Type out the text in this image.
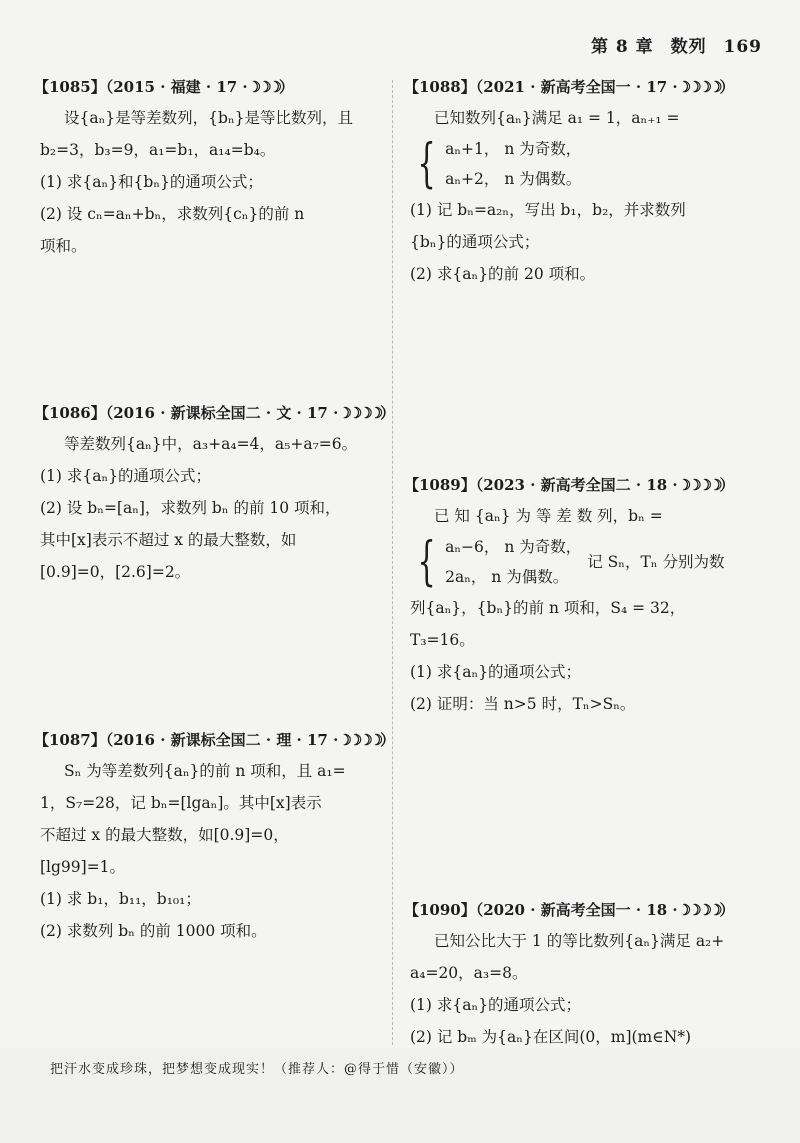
第 8 章 数列 169
【1085】（2015 · 福建 · 17 ·☽☽☽）
设{aₙ}是等差数列，{bₙ}是等比数列，且
b₂=3，b₃=9，a₁=b₁，a₁₄=b₄。
(1) 求{aₙ}和{bₙ}的通项公式；
(2) 设 cₙ=aₙ+bₙ，求数列{cₙ}的前 n
项和。
【1086】（2016 · 新课标全国二 · 文 · 17 ·☽☽☽☽）
等差数列{aₙ}中，a₃+a₄=4，a₅+a₇=6。
(1) 求{aₙ}的通项公式；
(2) 设 bₙ=[aₙ]，求数列 bₙ 的前 10 项和，
其中[x]表示不超过 x 的最大整数，如
[0.9]=0，[2.6]=2。
【1087】（2016 · 新课标全国二 · 理 · 17 ·☽☽☽☽）
Sₙ 为等差数列{aₙ}的前 n 项和，且 a₁=
1，S₇=28，记 bₙ=[lgaₙ]。其中[x]表示
不超过 x 的最大整数，如[0.9]=0，
[lg99]=1。
(1) 求 b₁，b₁₁，b₁₀₁；
(2) 求数列 bₙ 的前 1000 项和。
【1088】（2021 · 新高考全国一 · 17 ·☽☽☽☽）
已知数列{aₙ}满足 a₁ = 1，aₙ₊₁ =
{ aₙ+1， n 为奇数，
aₙ+2， n 为偶数。
(1) 记 bₙ=a₂ₙ，写出 b₁，b₂，并求数列
{bₙ}的通项公式；
(2) 求{aₙ}的前 20 项和。
【1089】（2023 · 新高考全国二 · 18 ·☽☽☽☽）
已 知 {aₙ} 为 等 差 数 列，bₙ =
{ aₙ−6， n 为奇数，
2aₙ， n 为偶数。
记 Sₙ，Tₙ 分别为数
列{aₙ}，{bₙ}的前 n 项和，S₄ = 32，
T₃=16。
(1) 求{aₙ}的通项公式；
(2) 证明：当 n>5 时，Tₙ>Sₙ。
【1090】（2020 · 新高考全国一 · 18 ·☽☽☽☽）
已知公比大于 1 的等比数列{aₙ}满足 a₂+
a₄=20，a₃=8。
(1) 求{aₙ}的通项公式；
(2) 记 bₘ 为{aₙ}在区间(0，m](m∈N*)
把汗水变成珍珠，把梦想变成现实！（推荐人：@得于惜（安徽））
